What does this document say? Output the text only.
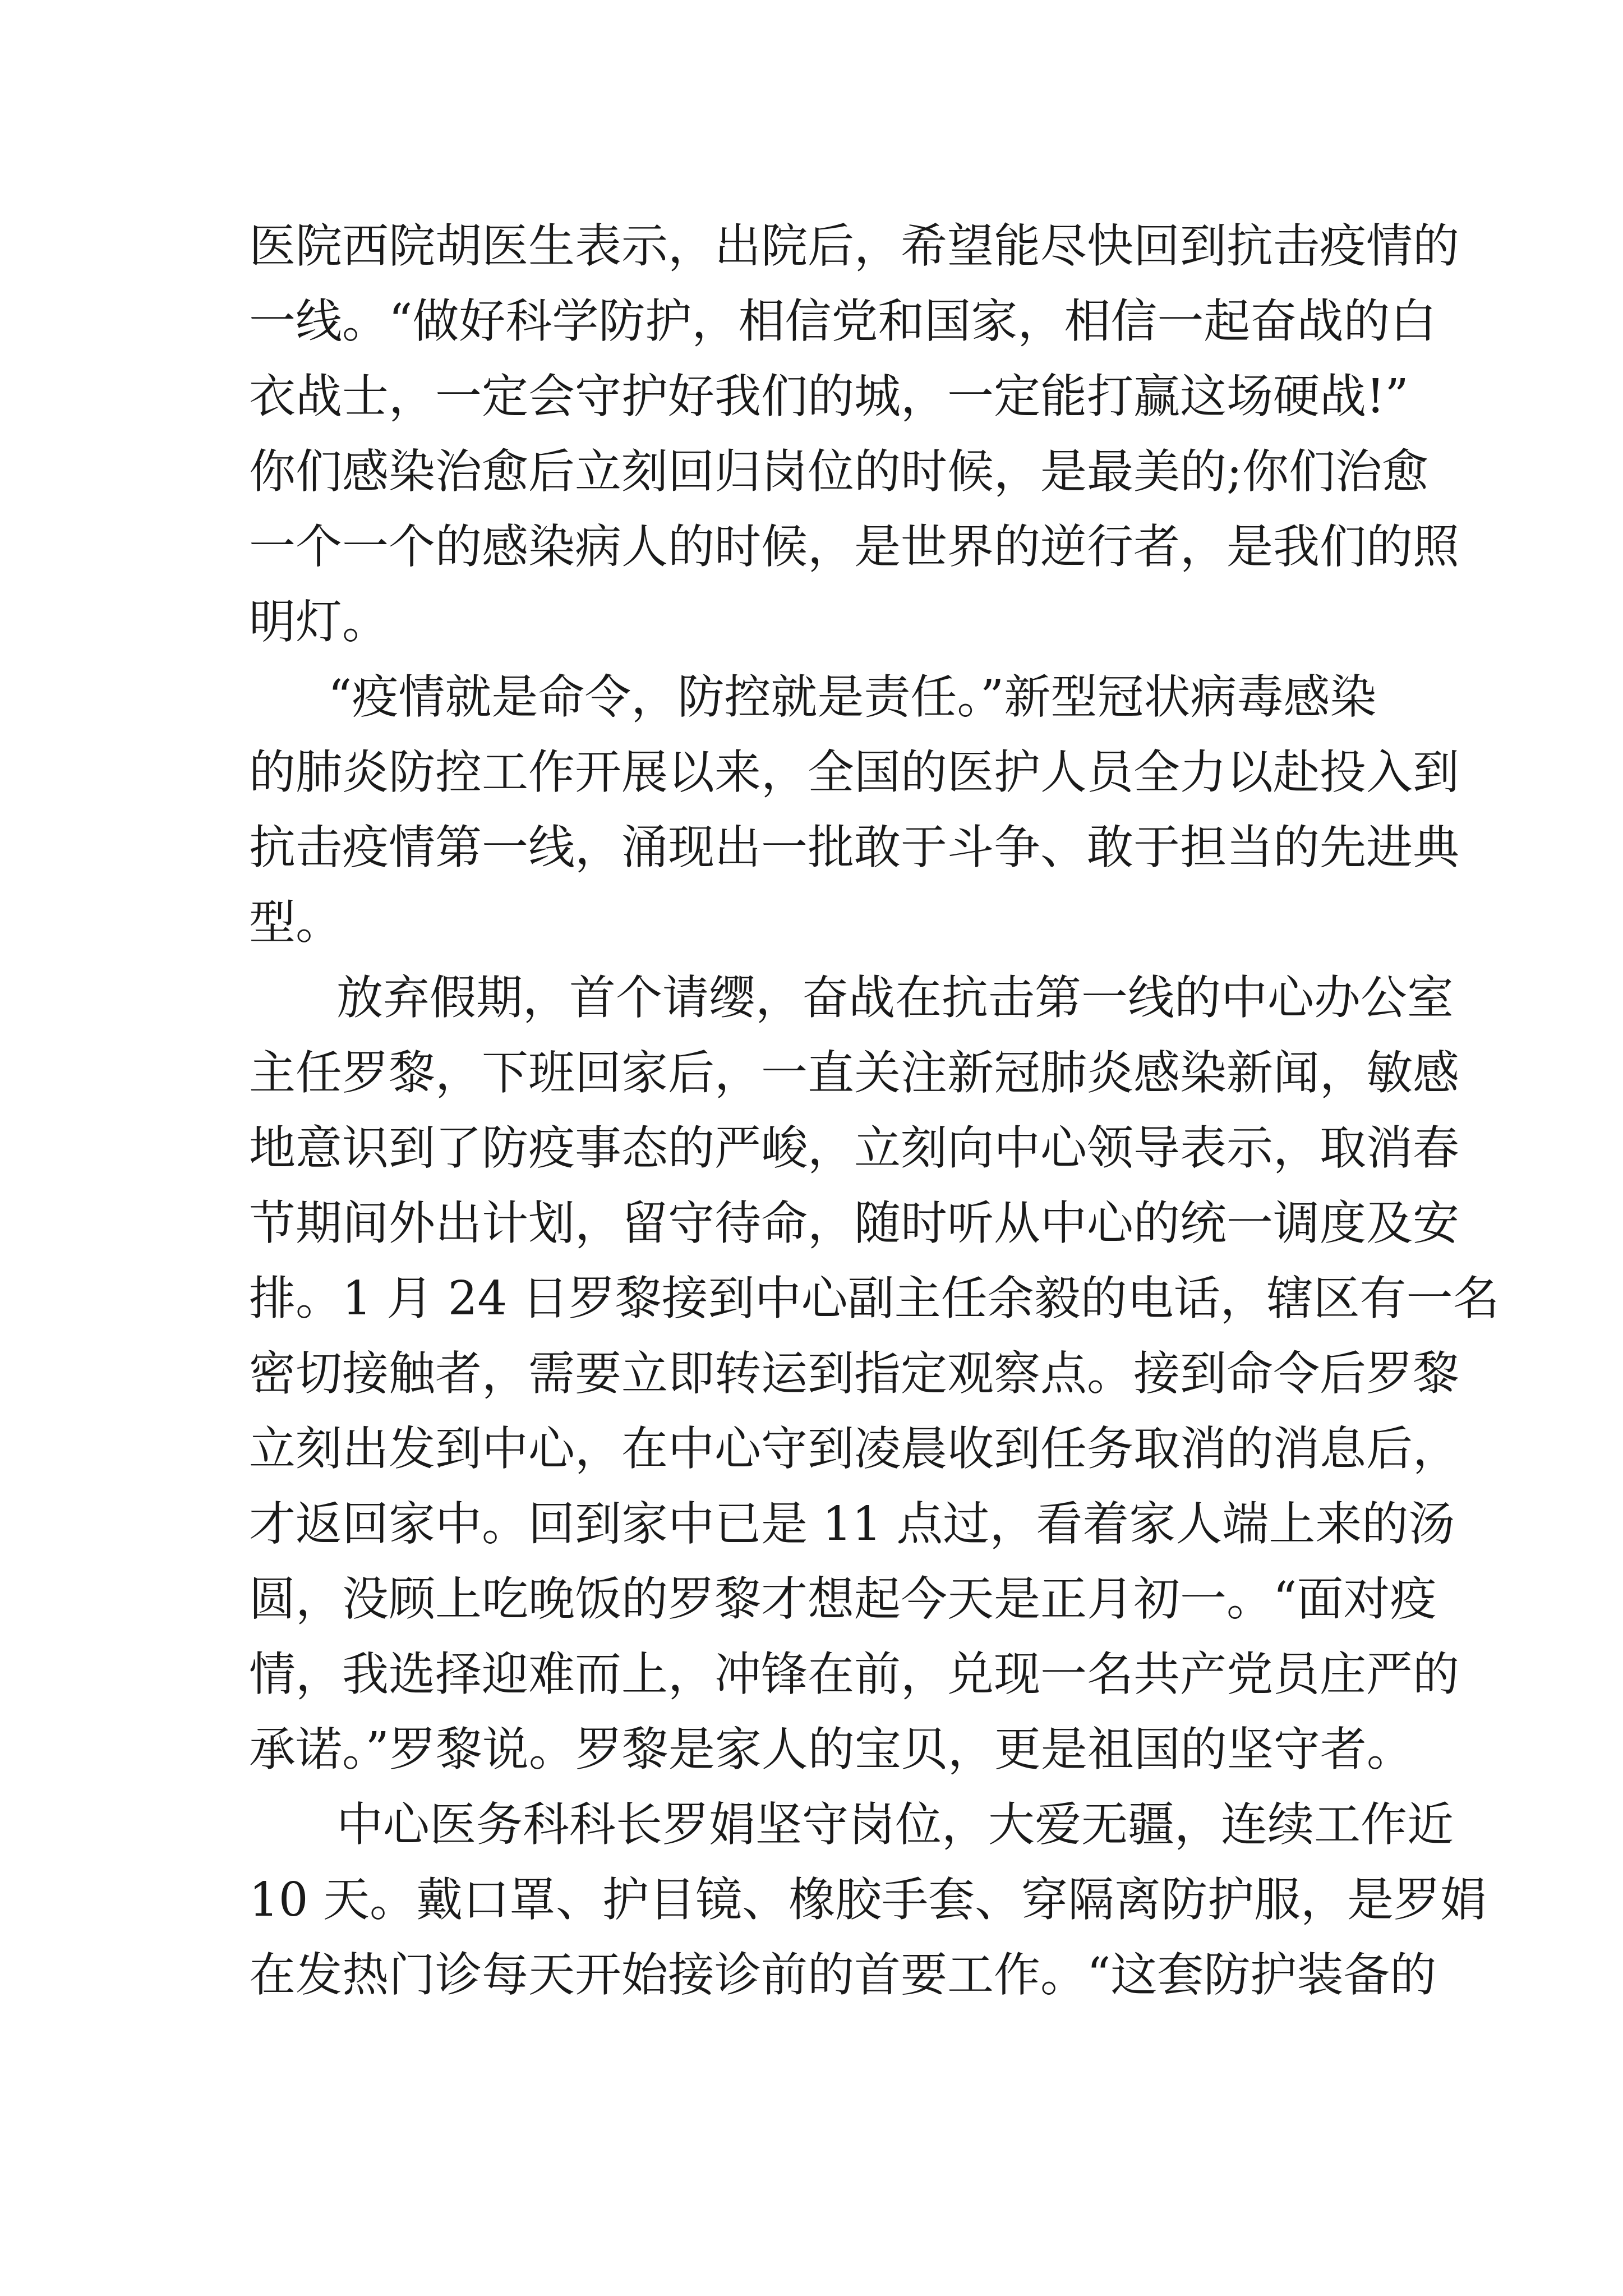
医院西院胡医生表示，出院后，希望能尽快回到抗击疫情的
一线。“做好科学防护，相信党和国家，相信一起奋战的白
衣战士，一定会守护好我们的城，一定能打赢这场硬战!”
你们感染治愈后立刻回归岗位的时候，是最美的;你们治愈
一个一个的感染病人的时候，是世界的逆行者，是我们的照
明灯。
“疫情就是命令，防控就是责任。”新型冠状病毒感染
的肺炎防控工作开展以来，全国的医护人员全力以赴投入到
抗击疫情第一线，涌现出一批敢于斗争、敢于担当的先进典
型。
放弃假期，首个请缨，奋战在抗击第一线的中心办公室
主任罗黎，下班回家后，一直关注新冠肺炎感染新闻，敏感
地意识到了防疫事态的严峻，立刻向中心领导表示，取消春
节期间外出计划，留守待命，随时听从中心的统一调度及安
排。1 月 24 日罗黎接到中心副主任余毅的电话，辖区有一名
密切接触者，需要立即转运到指定观察点。接到命令后罗黎
立刻出发到中心，在中心守到凌晨收到任务取消的消息后，
才返回家中。回到家中已是 11 点过，看着家人端上来的汤
圆，没顾上吃晚饭的罗黎才想起今天是正月初一。“面对疫
情，我选择迎难而上，冲锋在前，兑现一名共产党员庄严的
承诺。”罗黎说。罗黎是家人的宝贝，更是祖国的坚守者。
中心医务科科长罗娟坚守岗位，大爱无疆，连续工作近
10 天。戴口罩、护目镜、橡胶手套、穿隔离防护服，是罗娟
在发热门诊每天开始接诊前的首要工作。“这套防护装备的
